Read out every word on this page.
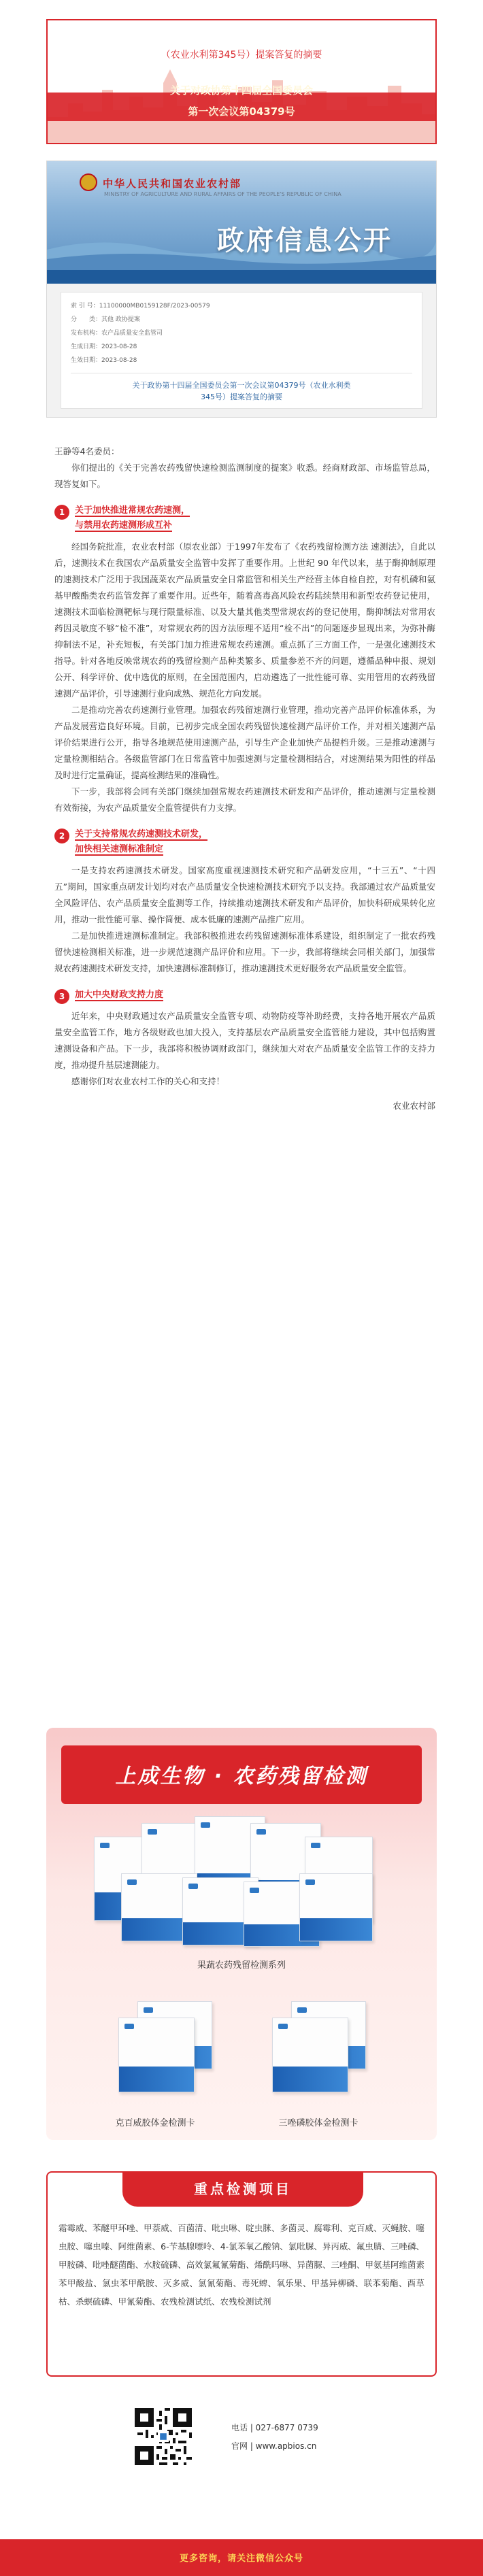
（农业水利第345号）提案答复的摘要
关于对政协第十四届全国委员会
第一次会议第04379号
中华人民共和国农业农村部
MINISTRY OF AGRICULTURE AND RURAL AFFAIRS OF THE PEOPLE'S REPUBLIC OF CHINA
政府信息公开
索 引 号：11100000MB0159128F/2023-00579
分　　类：其他 政协提案
发布机构：农产品质量安全监管司
生成日期：2023-08-28
生效日期：2023-08-28
关于政协第十四届全国委员会第一次会议第04379号（农业水利类
345号）提案答复的摘要

王静等4名委员：

你们提出的《关于完善农药残留快速检测监测制度的提案》收悉。经商财政部、市场监管总局，现答复如下。

1	关于加快推进常规农药速测，
与禁用农药速测形成互补

经国务院批准，农业农村部（原农业部）于1997年发布了《农药残留检测方法 速测法》，自此以后，速测技术在我国农产品质量安全监管中发挥了重要作用。上世纪 90 年代以来，基于酶抑制原理的速测技术广泛用于我国蔬菜农产品质量安全日常监管和相关生产经营主体自检自控，对有机磷和氨基甲酸酯类农药监管发挥了重要作用。近些年，随着高毒高风险农药陆续禁用和新型农药登记使用，速测技术面临检测靶标与现行限量标准、以及大量其他类型常规农药的登记使用，酶抑制法对常用农药因灵敏度不够“检不准”，对常规农药的因方法原理不适用“检不出”的问题逐步显现出来，为弥补酶抑制法不足，补充短板，有关部门加力推进常规农药速测。重点抓了三方面工作，一是强化速测技术指导。针对各地反映常规农药的残留检测产品种类繁多、质量参差不齐的问题，遵循品种申报、规划公开、科学评价、优中选优的原则，在全国范围内，启动遴选了一批性能可靠、实用管用的农药残留速测产品评价，引导速测行业向成熟、规范化方向发展。

二是推动完善农药速测行业管理。加强农药残留速测行业管理，推动完善产品评价标准体系，为产品发展营造良好环境。目前，已初步完成全国农药残留快速检测产品评价工作，并对相关速测产品评价结果进行公开，指导各地规范使用速测产品，引导生产企业加快产品提档升级。三是推动速测与定量检测相结合。各级监管部门在日常监管中加强速测与定量检测相结合，对速测结果为阳性的样品及时进行定量确证，提高检测结果的准确性。

下一步，我部将会同有关部门继续加强常规农药速测技术研发和产品评价，推动速测与定量检测有效衔接，为农产品质量安全监管提供有力支撑。

2	关于支持常规农药速测技术研发，
加快相关速测标准制定

一是支持农药速测技术研发。国家高度重视速测技术研究和产品研发应用，“十三五”、“十四五”期间，国家重点研发计划均对农产品质量安全快速检测技术研究予以支持。我部通过农产品质量安全风险评估、农产品质量安全监测等工作，持续推动速测技术研发和产品评价，加快科研成果转化应用，推动一批性能可靠、操作简便、成本低廉的速测产品推广应用。

二是加快推进速测标准制定。我部积极推进农药残留速测标准体系建设，组织制定了一批农药残留快速检测相关标准，进一步规范速测产品评价和应用。下一步，我部将继续会同相关部门，加强常规农药速测技术研发支持，加快速测标准制修订，推动速测技术更好服务农产品质量安全监管。

3	加大中央财政支持力度

近年来，中央财政通过农产品质量安全监管专项、动物防疫等补助经费，支持各地开展农产品质量安全监管工作，地方各级财政也加大投入，支持基层农产品质量安全监管能力建设，其中包括购置速测设备和产品。下一步，我部将积极协调财政部门，继续加大对农产品质量安全监管工作的支持力度，推动提升基层速测能力。

感谢你们对农业农村工作的关心和支持！

农业农村部

上成生物 · 农药残留检测
果蔬农药残留检测系列
克百威胶体金检测卡	三唑磷胶体金检测卡
重点检测项目
霜霉威、苯醚甲环唑、甲萘威、百菌清、吡虫啉、啶虫脒、多菌灵、腐霉利、克百威、灭蝇胺、噻虫胺、噻虫嗪、阿维菌素、6-苄基腺嘌呤、4-氯苯氧乙酸钠、氯吡脲、异丙威、氟虫腈、三唑磷、甲胺磷、吡唑醚菌酯、水胺硫磷、高效氯氟氰菊酯、烯酰吗啉、异菌脲、三唑酮、甲氨基阿维菌素苯甲酸盐、氯虫苯甲酰胺、灭多威、氯氰菊酯、毒死蜱、氧乐果、甲基异柳磷、联苯菊酯、酉草枯、杀螟硫磷、甲氰菊酯、农残检测试纸、农残检测试剂
电话 | 027-6877 0739
官网 | www.apbios.cn
更多咨询，请关注微信公众号
